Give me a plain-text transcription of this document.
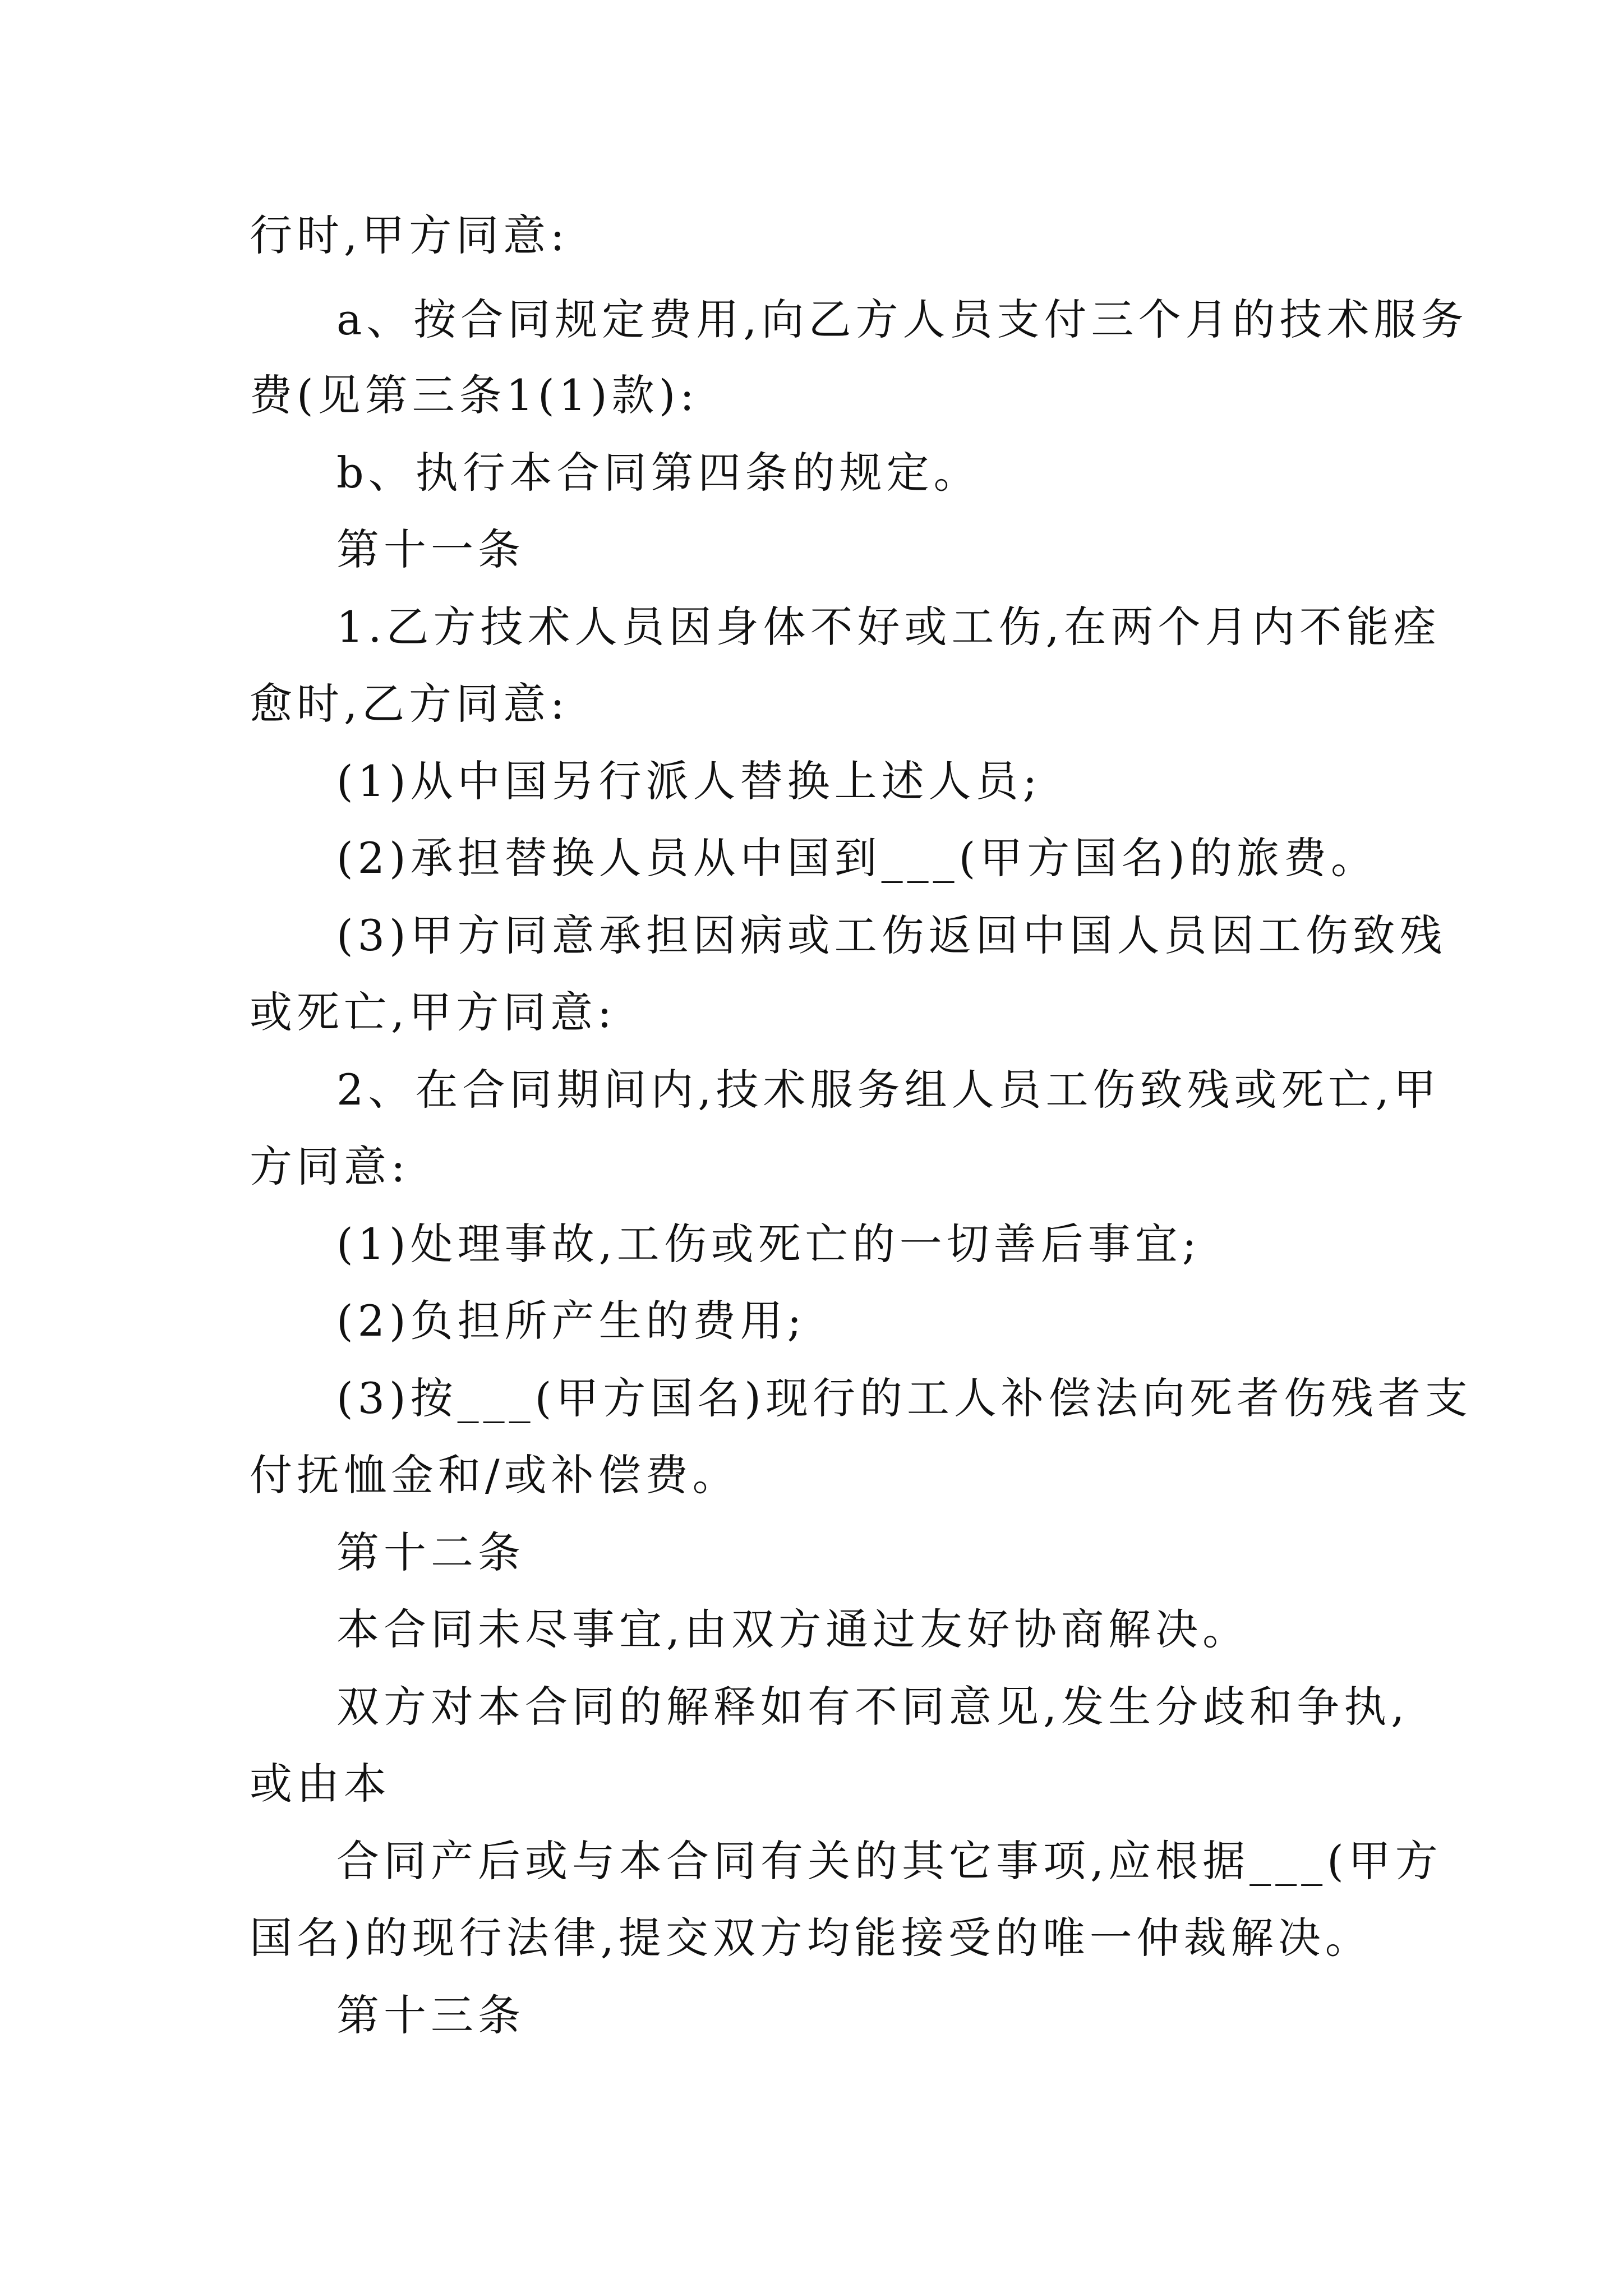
行时,甲方同意:
a、按合同规定费用,向乙方人员支付三个月的技术服务
费(见第三条1(1)款):
b、执行本合同第四条的规定。
第十一条
1.乙方技术人员因身体不好或工伤,在两个月内不能痊
愈时,乙方同意:
(1)从中国另行派人替换上述人员;
(2)承担替换人员从中国到___(甲方国名)的旅费。
(3)甲方同意承担因病或工伤返回中国人员因工伤致残
或死亡,甲方同意:
2、在合同期间内,技术服务组人员工伤致残或死亡,甲
方同意:
(1)处理事故,工伤或死亡的一切善后事宜;
(2)负担所产生的费用;
(3)按___(甲方国名)现行的工人补偿法向死者伤残者支
付抚恤金和/或补偿费。
第十二条
本合同未尽事宜,由双方通过友好协商解决。
双方对本合同的解释如有不同意见,发生分歧和争执,
或由本
合同产后或与本合同有关的其它事项,应根据___(甲方
国名)的现行法律,提交双方均能接受的唯一仲裁解决。
第十三条
